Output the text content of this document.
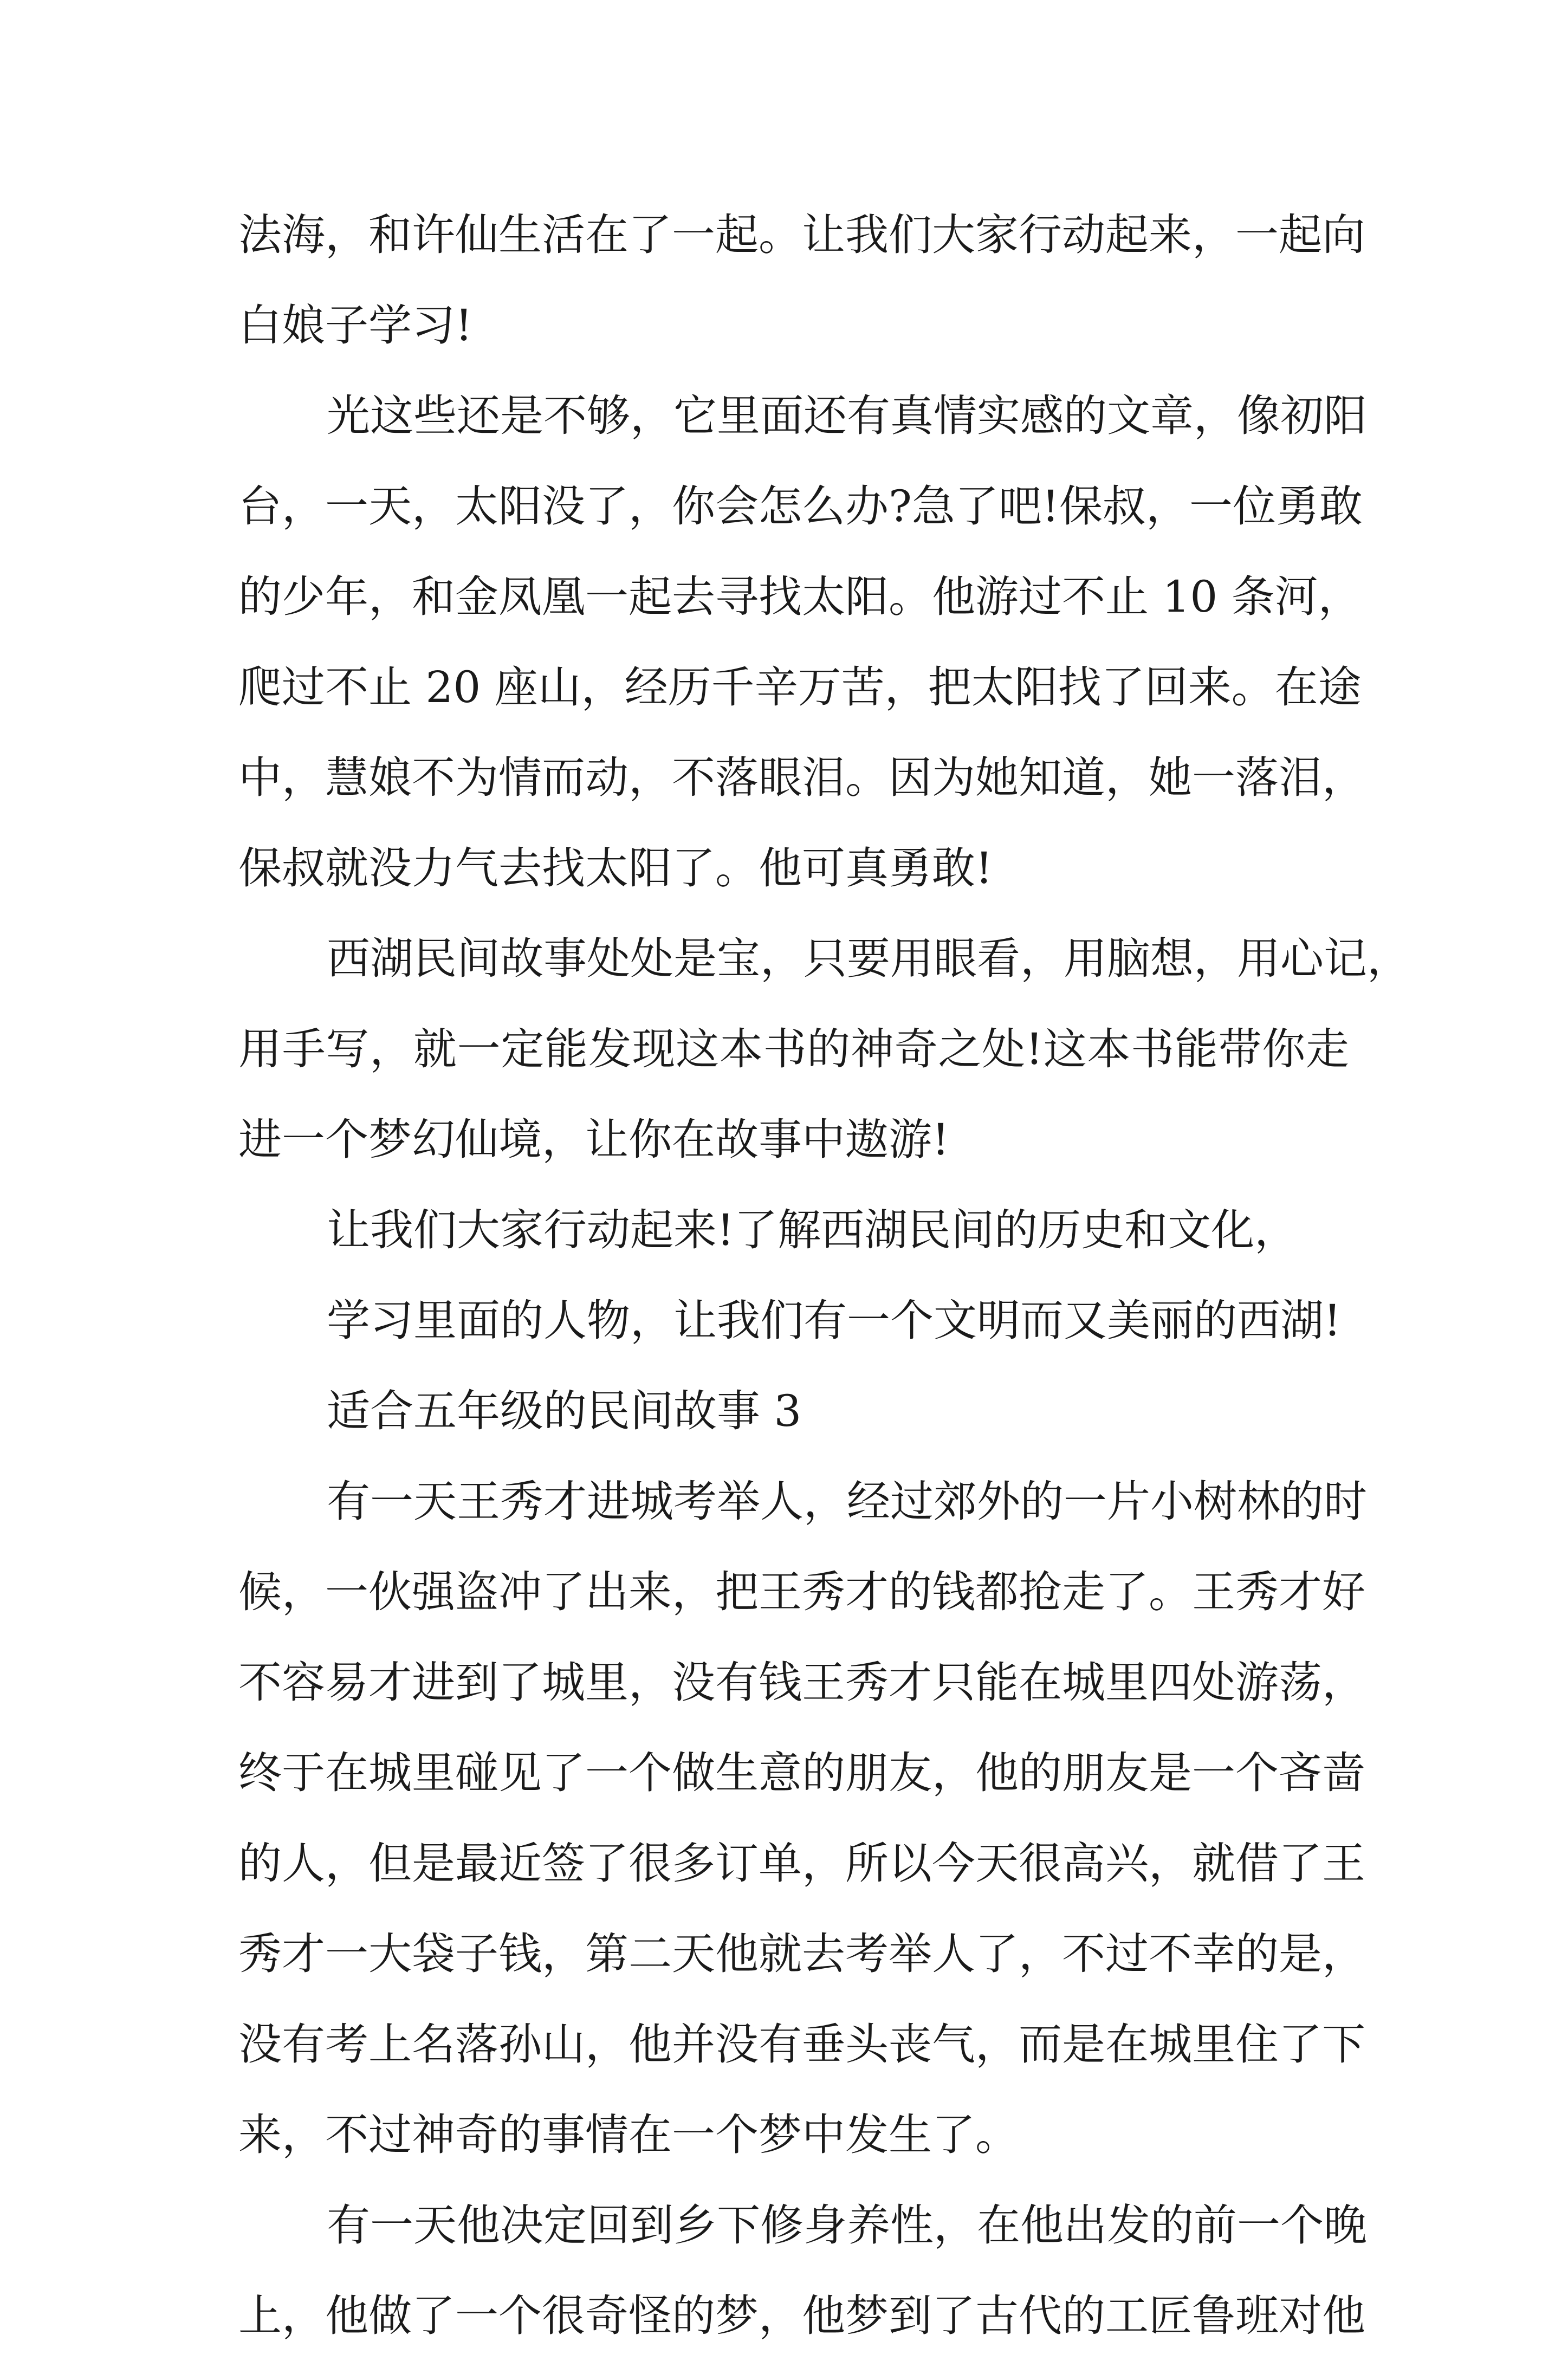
法海，和许仙生活在了一起。让我们大家行动起来，一起向
白娘子学习!
光这些还是不够，它里面还有真情实感的文章，像初阳
台，一天，太阳没了，你会怎么办?急了吧!保叔，一位勇敢
的少年，和金凤凰一起去寻找太阳。他游过不止 10 条河，
爬过不止 20 座山，经历千辛万苦，把太阳找了回来。在途
中，慧娘不为情而动，不落眼泪。因为她知道，她一落泪，
保叔就没力气去找太阳了。他可真勇敢!
西湖民间故事处处是宝，只要用眼看，用脑想，用心记，
用手写，就一定能发现这本书的神奇之处!这本书能带你走
进一个梦幻仙境，让你在故事中遨游!
让我们大家行动起来!了解西湖民间的历史和文化，
学习里面的人物，让我们有一个文明而又美丽的西湖!
适合五年级的民间故事 3
有一天王秀才进城考举人，经过郊外的一片小树林的时
候，一伙强盗冲了出来，把王秀才的钱都抢走了。王秀才好
不容易才进到了城里，没有钱王秀才只能在城里四处游荡，
终于在城里碰见了一个做生意的朋友，他的朋友是一个吝啬
的人，但是最近签了很多订单，所以今天很高兴，就借了王
秀才一大袋子钱，第二天他就去考举人了，不过不幸的是，
没有考上名落孙山，他并没有垂头丧气，而是在城里住了下
来，不过神奇的事情在一个梦中发生了。
有一天他决定回到乡下修身养性，在他出发的前一个晚
上，他做了一个很奇怪的梦，他梦到了古代的工匠鲁班对他
